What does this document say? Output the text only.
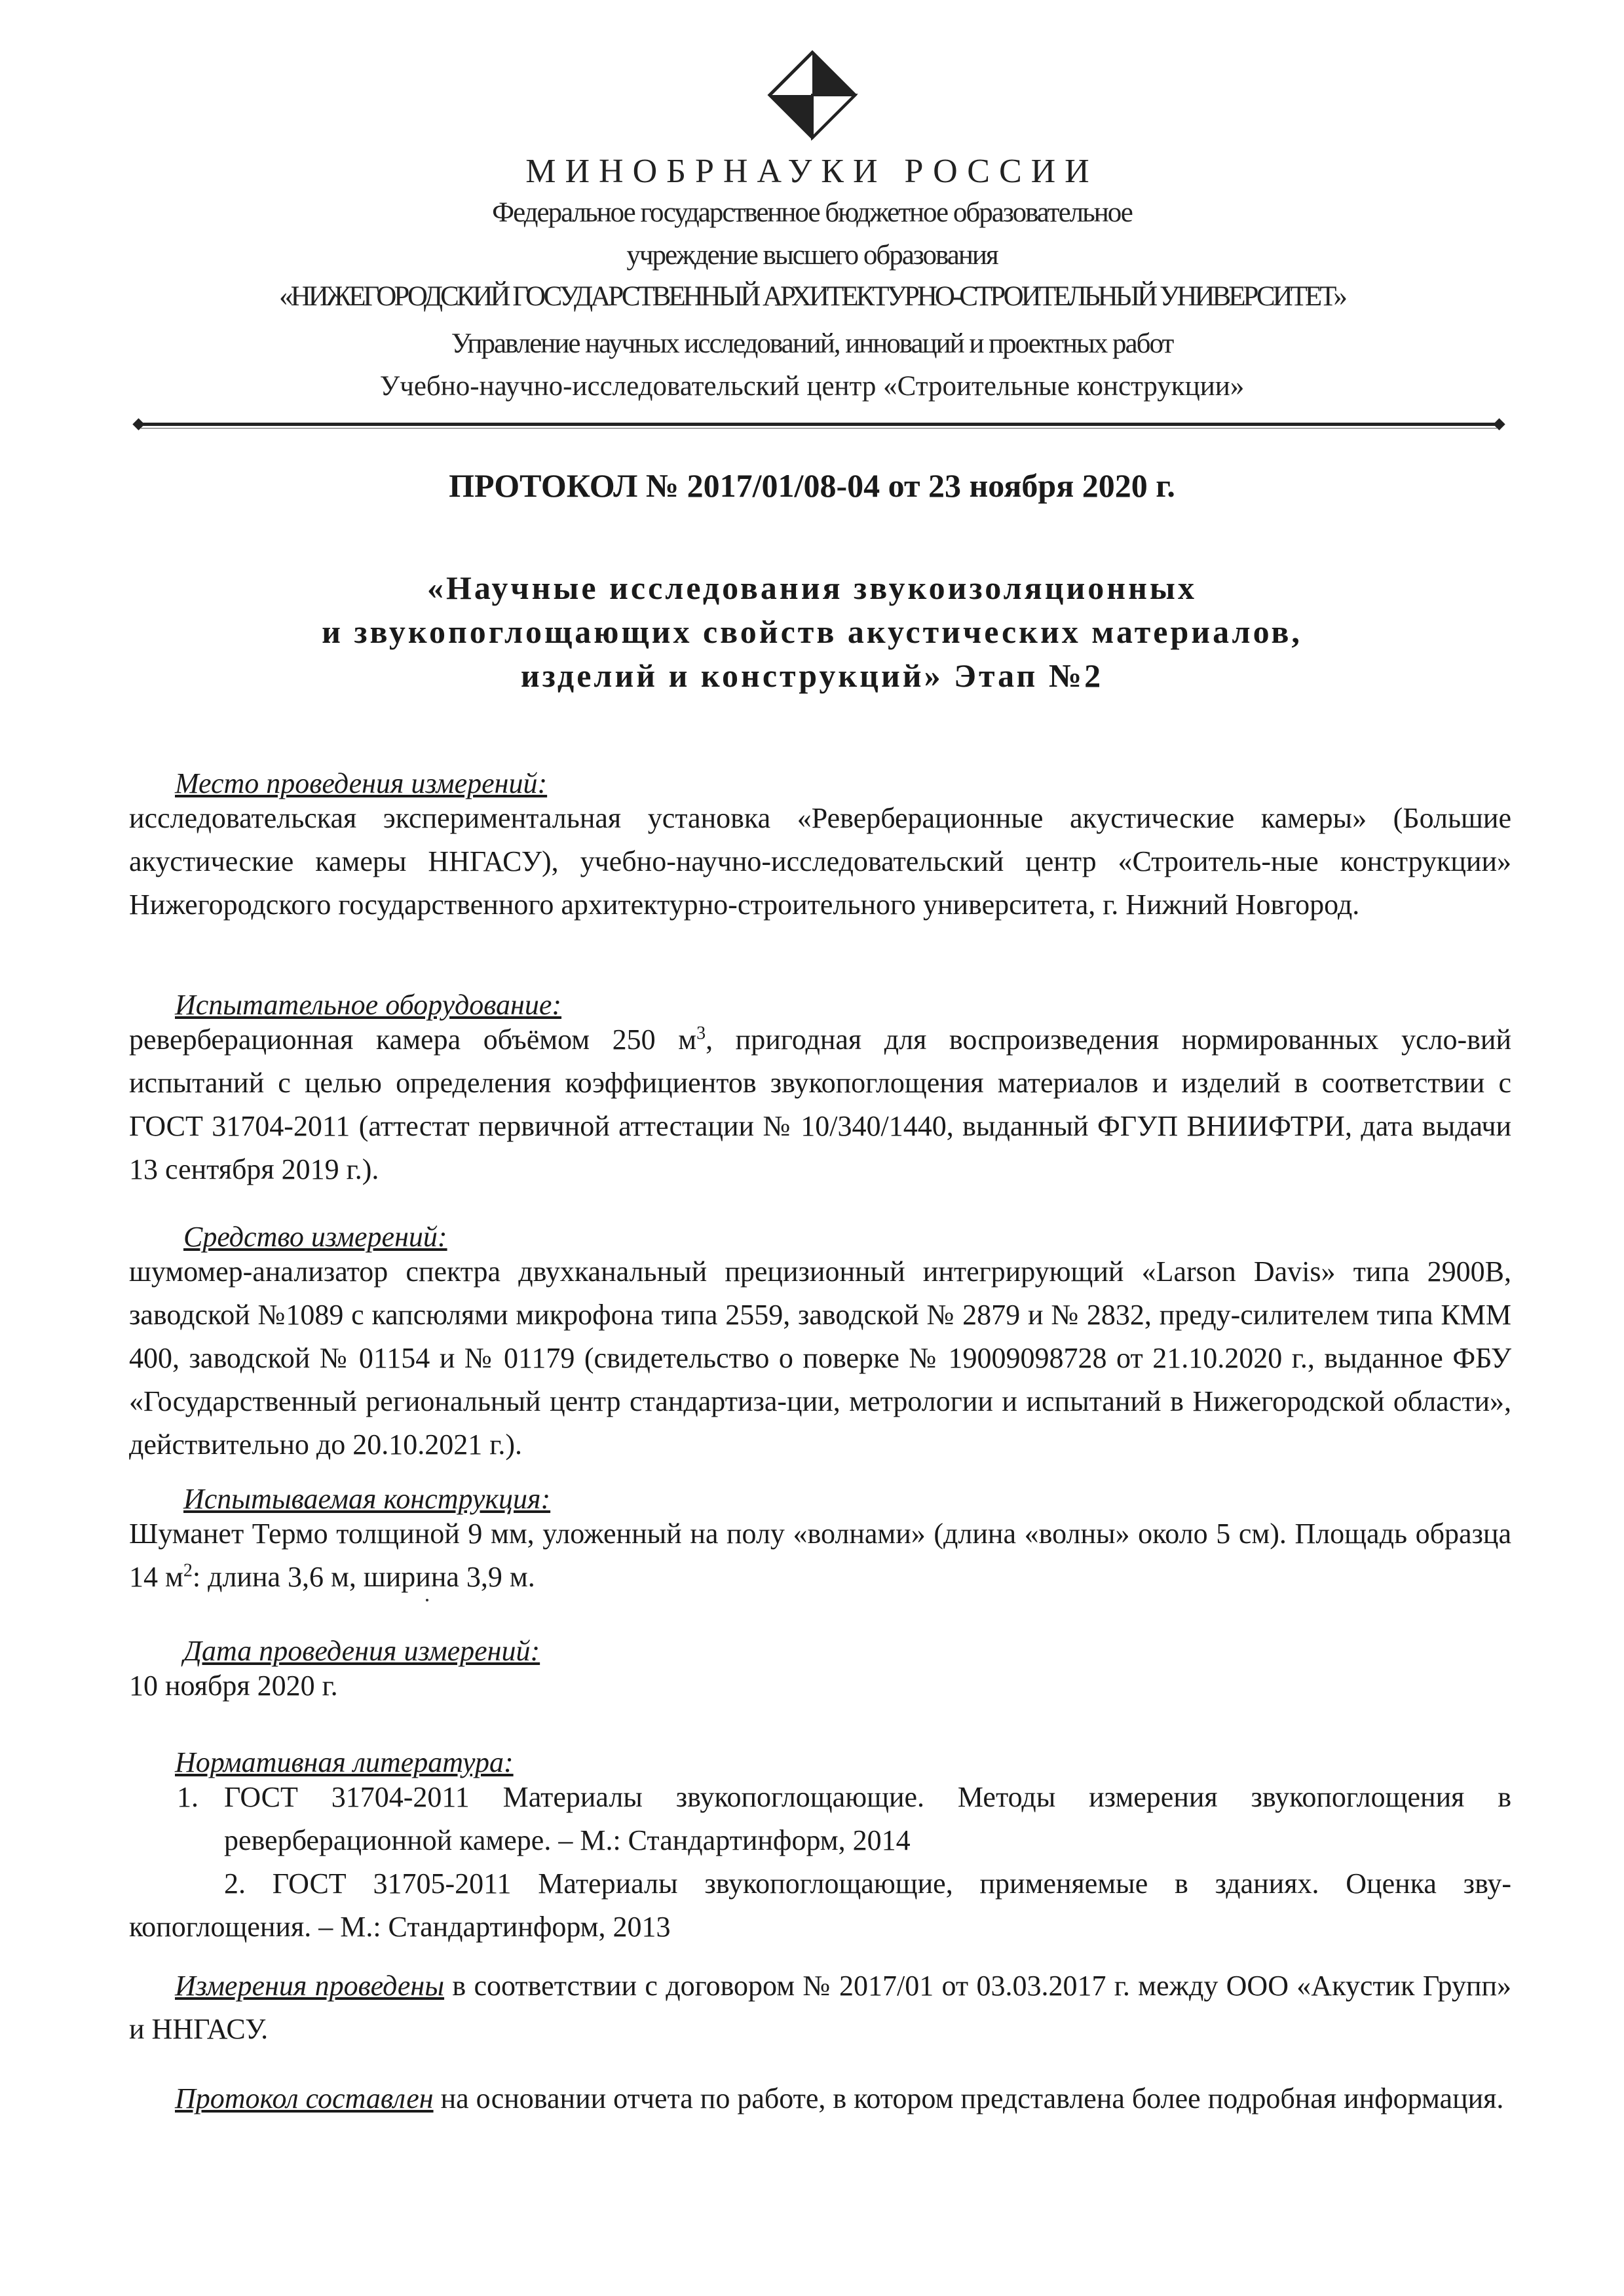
МИНОБРНАУКИ РОССИИ
Федеральное государственное бюджетное образовательное
учреждение высшего образования
«НИЖЕГОРОДСКИЙ ГОСУДАРСТВЕННЫЙ АРХИТЕКТУРНО-СТРОИТЕЛЬНЫЙ УНИВЕРСИТЕТ»
Управление научных исследований, инноваций и проектных работ
Учебно-научно-исследовательский центр «Строительные конструкции»
ПРОТОКОЛ № 2017/01/08-04 от 23 ноября 2020 г.
«Научные исследования звукоизоляционных
и звукопоглощающих свойств акустических материалов,
изделий и конструкций» Этап №2
Место проведения измерений:
исследовательская экспериментальная установка «Реверберационные акустические камеры» (Большие акустические камеры ННГАСУ), учебно-научно-исследовательский центр «Строитель-ные конструкции» Нижегородского государственного архитектурно-строительного университета, г. Нижний Новгород.
Испытательное оборудование:
реверберационная камера объёмом 250 $м^3$, пригодная для воспроизведения нормированных усло-вий испытаний с целью определения коэффициентов звукопоглощения материалов и изделий в соответствии с ГОСТ 31704-2011 (аттестат первичной аттестации № 10/340/1440, выданный ФГУП ВНИИФТРИ, дата выдачи 13 сентября 2019 г.).
Средство измерений:
шумомер-анализатор спектра двухканальный прецизионный интегрирующий «Larson Davis» типа 2900В, заводской №1089 с капсюлями микрофона типа 2559, заводской № 2879 и № 2832, преду-силителем типа КММ 400, заводской № 01154 и № 01179 (свидетельство о поверке № 19009098728 от 21.10.2020 г., выданное ФБУ «Государственный региональный центр стандартиза-ции, метрологии и испытаний в Нижегородской области», действительно до 20.10.2021 г.).
Испытываемая конструкция:
Шуманет Термо толщиной 9 мм, уложенный на полу «волнами» (длина «волны» около 5 см). Площадь образца 14 $м^2$: длина 3,6 м, ширина 3,9 м.
Дата проведения измерений:
10 ноября 2020 г.
Нормативная литература:
1. ГОСТ 31704-2011 Материалы звукопоглощающие. Методы измерения звукопоглощения в реверберационной камере. – М.: Стандартинформ, 2014
2. ГОСТ 31705-2011 Материалы звукопоглощающие, применяемые в зданиях. Оценка зву-копоглощения. – М.: Стандартинформ, 2013
Измерения проведены в соответствии с договором № 2017/01 от 03.03.2017 г. между ООО «Акустик Групп» и ННГАСУ.
Протокол составлен на основании отчета по работе, в котором представлена более подробная информация.
